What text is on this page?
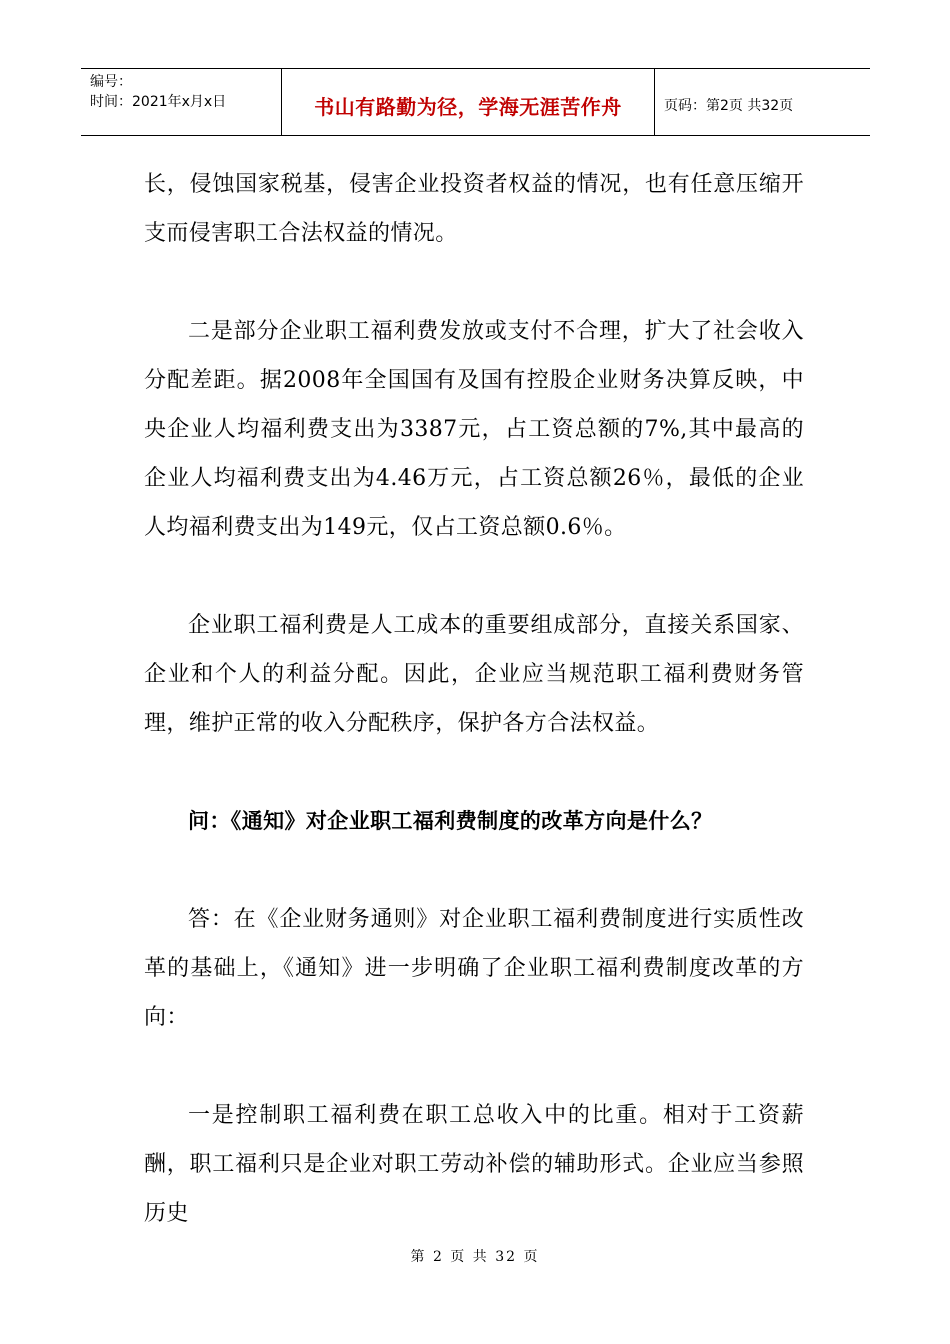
编号：
时间：2021年x月x日	书山有路勤为径，学海无涯苦作舟	页码：第2页 共32页

长，侵蚀国家税基，侵害企业投资者权益的情况，也有任意压缩开支而侵害职工合法权益的情况。

二是部分企业职工福利费发放或支付不合理，扩大了社会收入分配差距。据2008年全国国有及国有控股企业财务决算反映，中央企业人均福利费支出为3387元，占工资总额的7%,其中最高的企业人均福利费支出为4.46万元，占工资总额26％，最低的企业人均福利费支出为149元，仅占工资总额0.6％。

企业职工福利费是人工成本的重要组成部分，直接关系国家、企业和个人的利益分配。因此，企业应当规范职工福利费财务管理，维护正常的收入分配秩序，保护各方合法权益。

问：《通知》对企业职工福利费制度的改革方向是什么？

答：在《企业财务通则》对企业职工福利费制度进行实质性改革的基础上，《通知》进一步明确了企业职工福利费制度改革的方向：

一是控制职工福利费在职工总收入中的比重。相对于工资薪酬，职工福利只是企业对职工劳动补偿的辅助形式。企业应当参照历史

第 2 页 共 32 页
